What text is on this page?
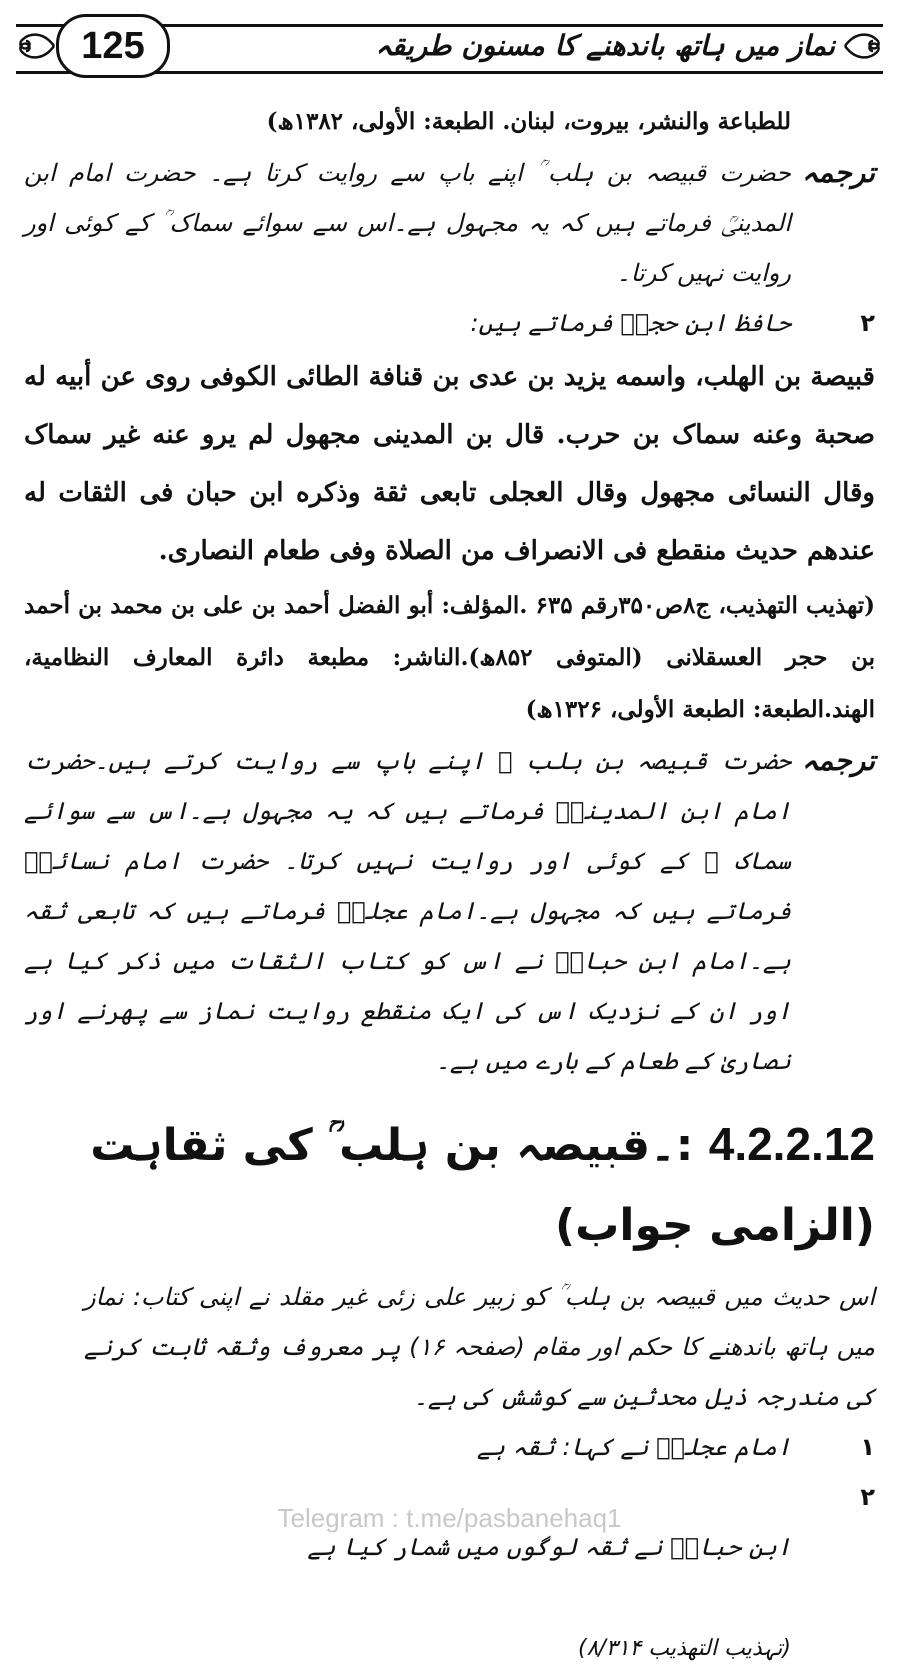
125	نماز میں ہاتھ باندھنے کا مسنون طریقہ

للطباعة والنشر، بیروت، لبنان. الطبعة: الأولی، ۱۳۸۲ھ)

ترجمہ

حضرت قبیصہ بن ہلب ؒ اپنے باپ سے روایت کرتا ہے۔ حضرت امام ابن المدینیؒ فرماتے ہیں کہ یہ مجہول ہے۔اس سے سوائے سماک ؒ کے کوئی اور روایت نہیں کرتا۔

۲

حافظ ابن حجرؒ فرماتے ہیں:

قبیصة بن الهلب، واسمه یزید بن عدی بن قنافة الطائی الکوفی روی عن أبیه له صحبة وعنه سماک بن حرب. قال بن المدینی مجهول لم یرو عنه غیر سماک وقال النسائی مجهول وقال العجلی تابعی ثقة وذکره ابن حبان فی الثقات له عندهم حدیث منقطع فی الانصراف من الصلاة وفی طعام النصاری.

(تهذیب التهذیب، ج۸ص۳۵۰رقم ۶۳۵ .المؤلف: أبو الفضل أحمد بن علی بن محمد بن أحمد بن حجر العسقلانی (المتوفی ۸۵۲ھ).الناشر: مطبعة دائرة المعارف النظامیة، الهند.الطبعة: الطبعة الأولی، ۱۳۲۶ھ)

ترجمہ

حضرت قبیصہ بن ہلب ؒ اپنے باپ سے روایت کرتے ہیں۔حضرت امام ابن المدینیؒ فرماتے ہیں کہ یہ مجہول ہے۔اس سے سوائے سماک ؒ کے کوئی اور روایت نہیں کرتا۔ حضرت امام نسائیؒ فرماتے ہیں کہ مجہول ہے۔امام عجلیؒ فرماتے ہیں کہ تابعی ثقہ ہے۔امام ابن حبانؒ نے اس کو کتاب الثقات میں ذکر کیا ہے اور ان کے نزدیک اس کی ایک منقطع روایت نماز سے پھرنے اور نصاریٰ کے طعام کے بارے میں ہے۔

4.2.2.12 :۔قبیصہ بن ہلب ؒ کی ثقاہت (الزامی جواب)

اس حدیث میں قبیصہ بن ہلب ؒ کو زبیر علی زئی غیر مقلد نے اپنی کتاب: نماز میں ہاتھ باندھنے کا حکم اور مقام (صفحہ ۱۶) پر معروف وثقہ ثابت کرنے کی مندرجہ ذیل محدثین سے کوشش کی ہے۔

۱

امام عجلیؒ نے کہا: ثقہ ہے

۲

ابن حبانؒ نے ثقہ لوگوں میں شمار کیا ہے

(تہذیب التھذیب ۸/۳۱۴)

Telegram : t.me/pasbanehaq1
